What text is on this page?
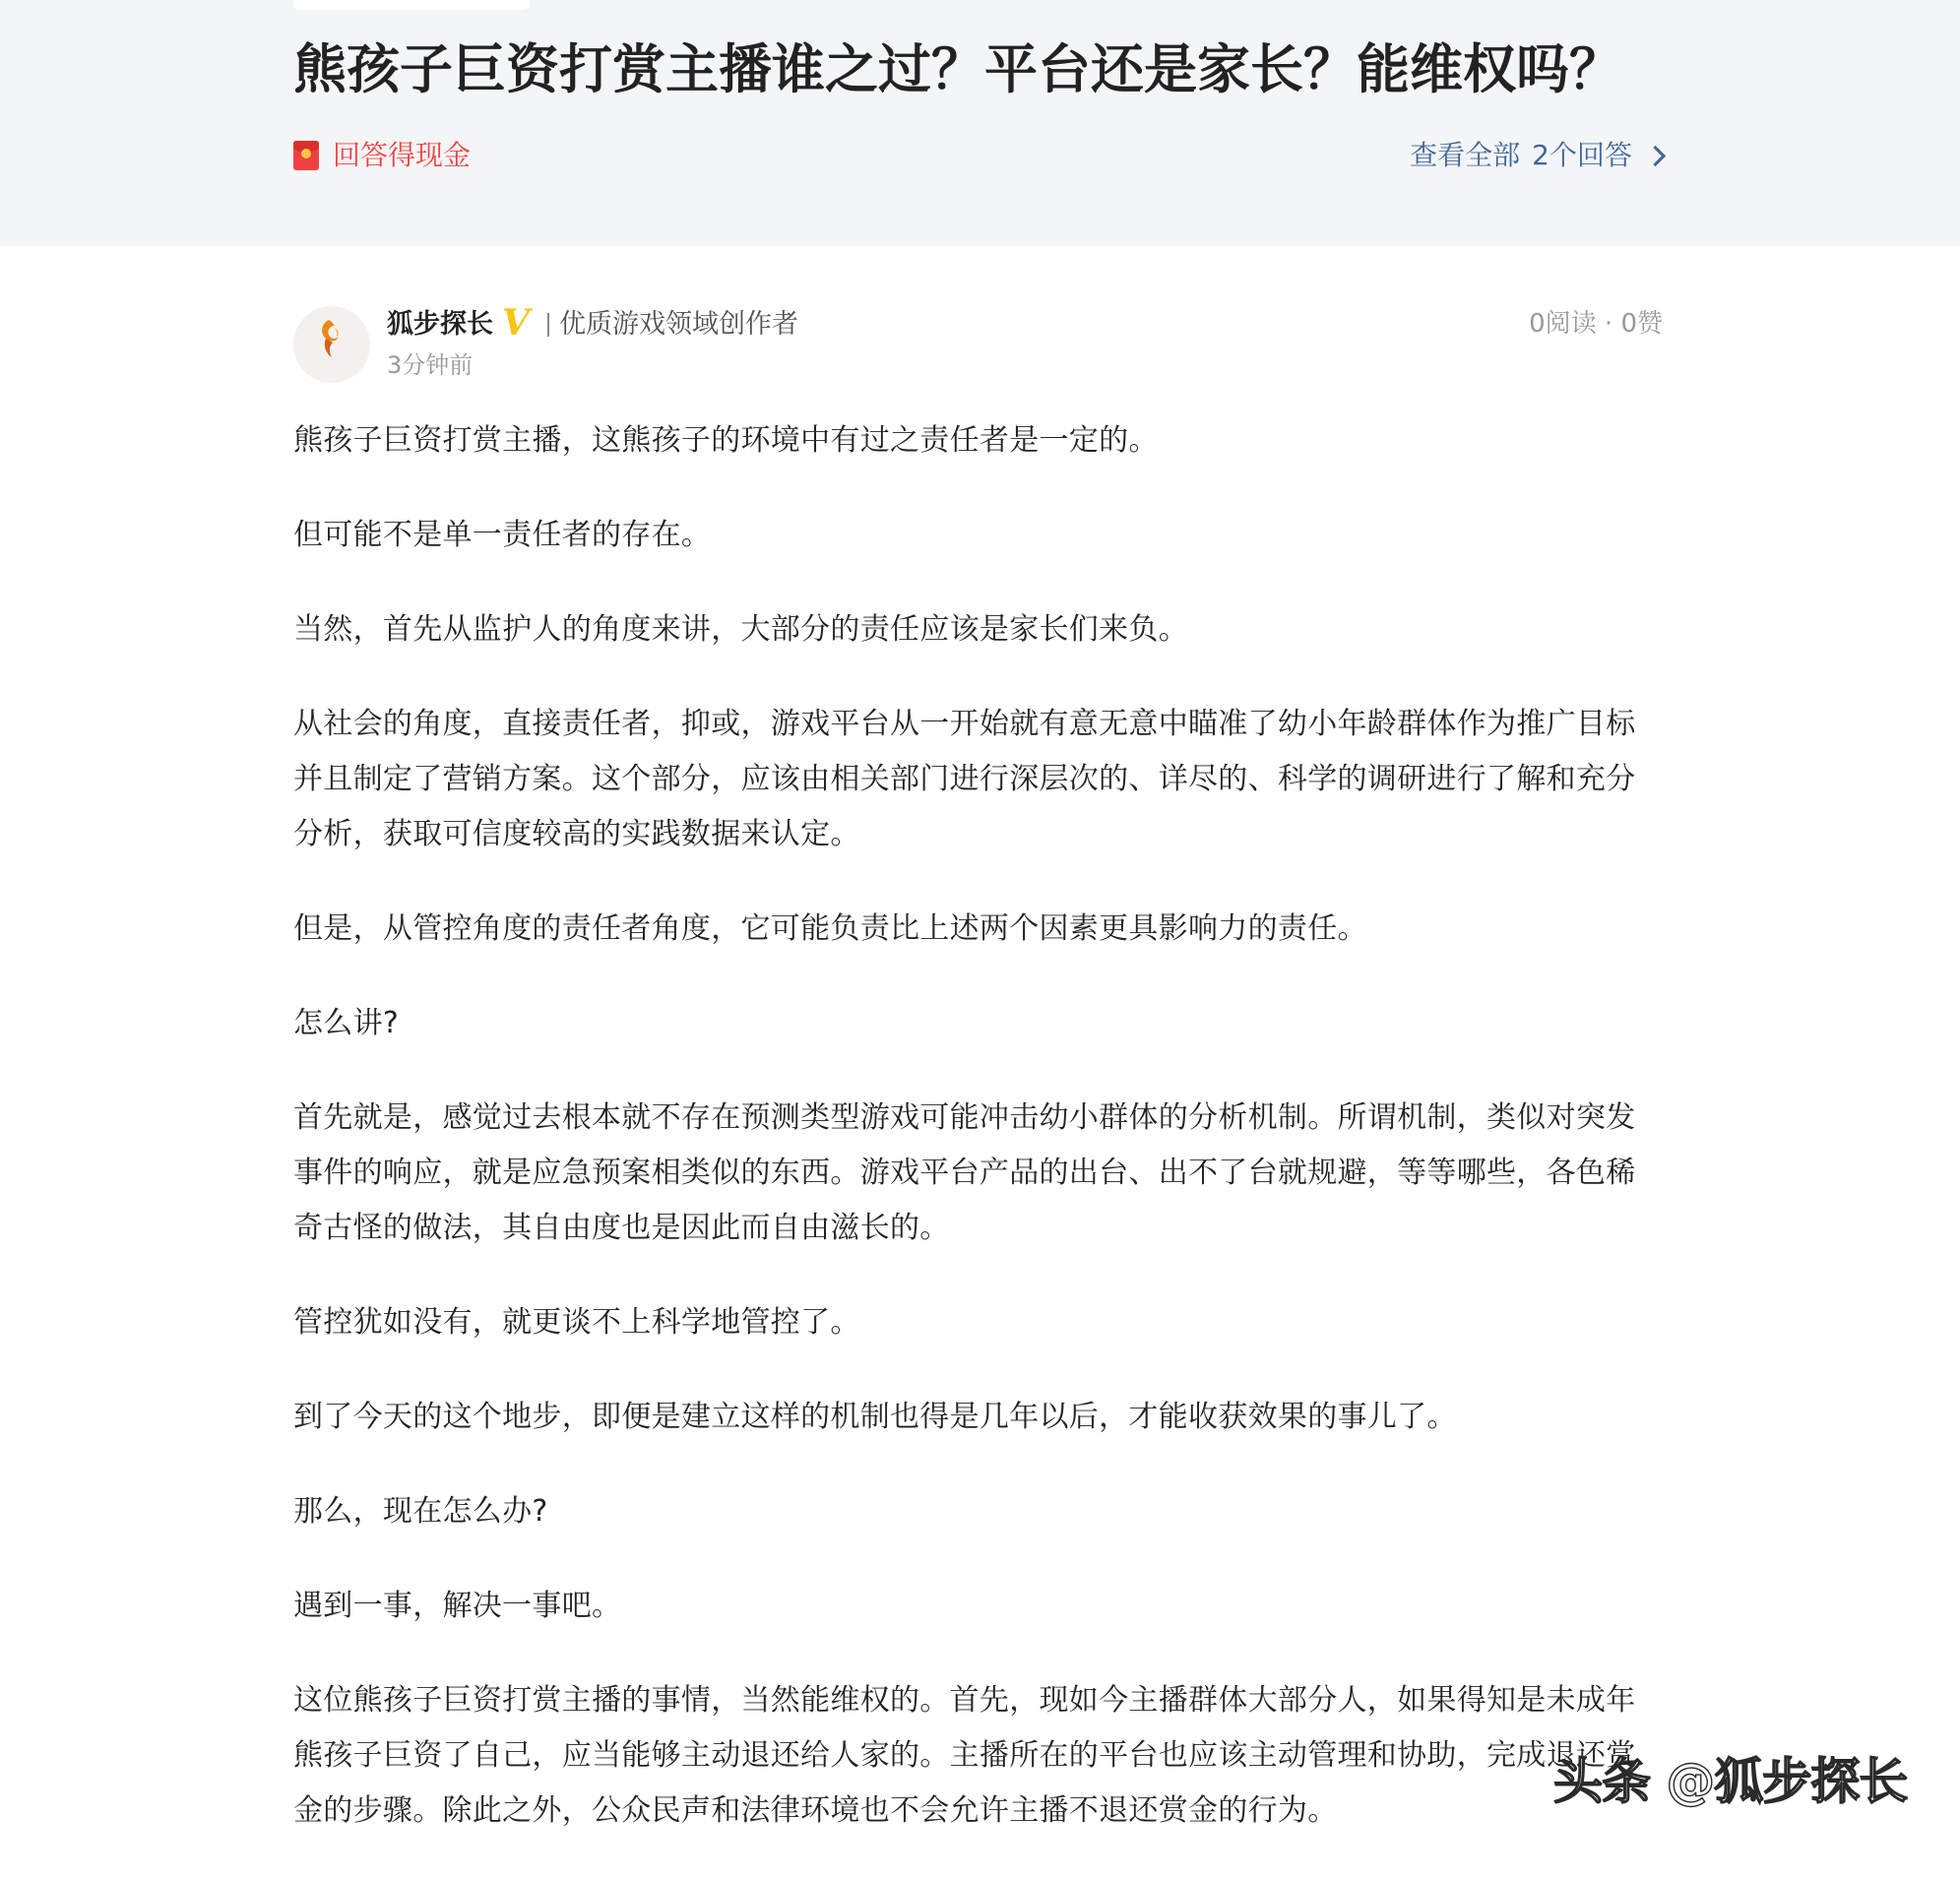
熊孩子巨资打赏主播谁之过？平台还是家长？能维权吗？
回答得现金	查看全部 2个回答
狐步探长 V 优质游戏领域创作者
3分钟前
0阅读 · 0赞

熊孩子巨资打赏主播，这熊孩子的环境中有过之责任者是一定的。

但可能不是单一责任者的存在。

当然，首先从监护人的角度来讲，大部分的责任应该是家长们来负。

从社会的角度，直接责任者，抑或，游戏平台从一开始就有意无意中瞄准了幼小年龄群体作为推广目标并且制定了营销方案。这个部分，应该由相关部门进行深层次的、详尽的、科学的调研进行了解和充分分析，获取可信度较高的实践数据来认定。

但是，从管控角度的责任者角度，它可能负责比上述两个因素更具影响力的责任。

怎么讲?

首先就是，感觉过去根本就不存在预测类型游戏可能冲击幼小群体的分析机制。所谓机制，类似对突发事件的响应，就是应急预案相类似的东西。游戏平台产品的出台、出不了台就规避，等等哪些，各色稀奇古怪的做法，其自由度也是因此而自由滋长的。

管控犹如没有，就更谈不上科学地管控了。

到了今天的这个地步，即便是建立这样的机制也得是几年以后，才能收获效果的事儿了。

那么，现在怎么办?

遇到一事，解决一事吧。

这位熊孩子巨资打赏主播的事情，当然能维权的。首先，现如今主播群体大部分人，如果得知是未成年熊孩子巨资了自己，应当能够主动退还给人家的。主播所在的平台也应该主动管理和协助，完成退还赏金的步骤。除此之外，公众民声和法律环境也不会允许主播不退还赏金的行为。

头条 @狐步探长
